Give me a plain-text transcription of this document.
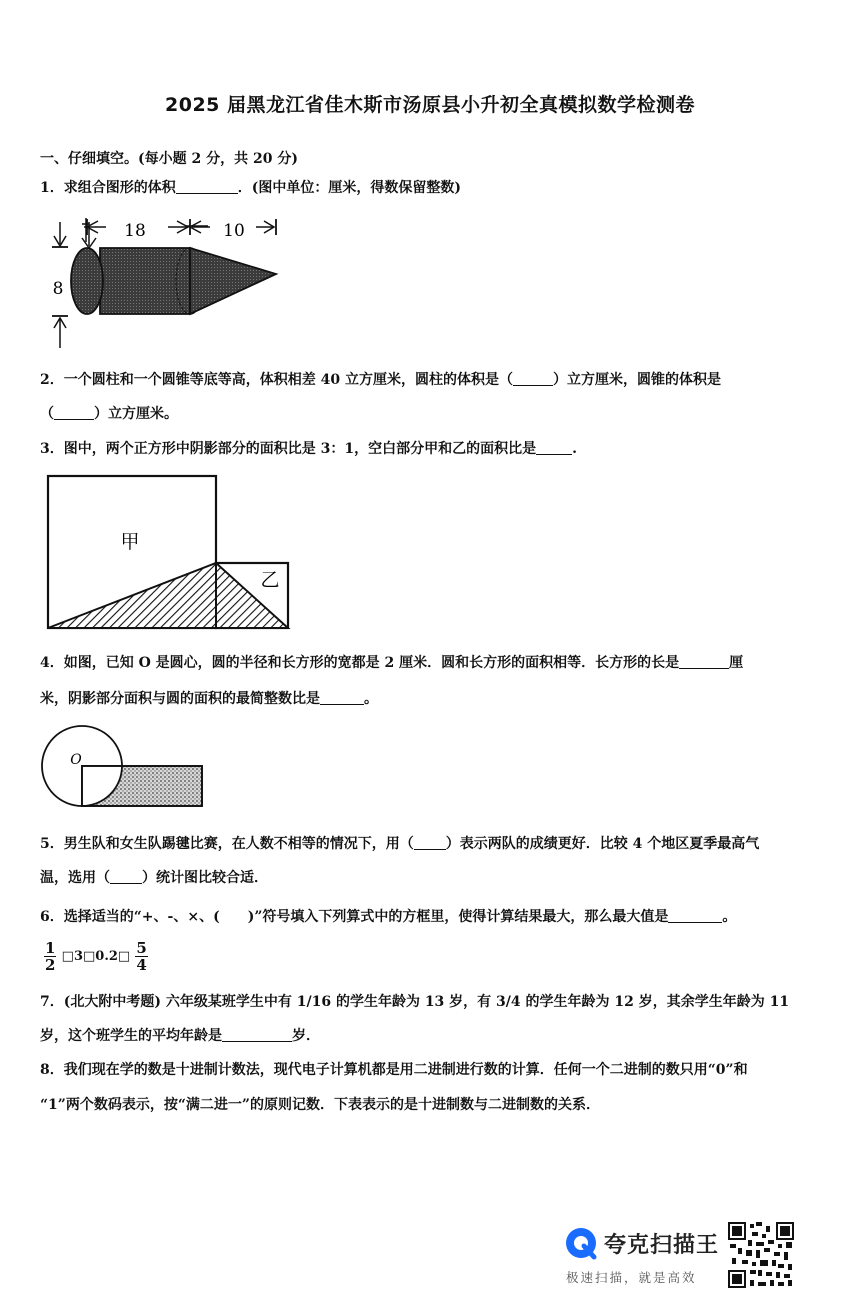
2025 届黑龙江省佳木斯市汤原县小升初全真模拟数学检测卷
一、仔细填空。(每小题 2 分，共 20 分)
1．求组合图形的体积	．(图中单位：厘米，得数保留整数)
18	10
8
2．一个圆柱和一个圆锥等底等高，体积相差 40 立方厘米，圆柱的体积是（	）立方厘米，圆锥的体积是
（	）立方厘米。
3．图中，两个正方形中阴影部分的面积比是 3：1，空白部分甲和乙的面积比是	.
甲
乙
4．如图，已知 O 是圆心，圆的半径和长方形的宽都是 2 厘米．圆和长方形的面积相等．长方形的长是	厘
米，阴影部分面积与圆的面积的最简整数比是	。
O
5．男生队和女生队踢毽比赛，在人数不相等的情况下，用（ ）表示两队的成绩更好．比较 4 个地区夏季最高气
温，选用（ ）统计图比较合适．
6．选择适当的“+、-、×、(　　)”符号填入下列算式中的方框里，使得计算结果最大，那么最大值是	。
$\frac{1}{2}$ □3□0.2□ $\frac{5}{4}$
7．(北大附中考题) 六年级某班学生中有 1/16 的学生年龄为 13 岁，有 3/4 的学生年龄为 12 岁，其余学生年龄为 11
岁，这个班学生的平均年龄是	岁．
8．我们现在学的数是十进制计数法，现代电子计算机都是用二进制进行数的计算．任何一个二进制的数只用“0”和
“1”两个数码表示，按“满二进一”的原则记数．下表表示的是十进制数与二进制数的关系．
夸克扫描王
极速扫描，就是高效
